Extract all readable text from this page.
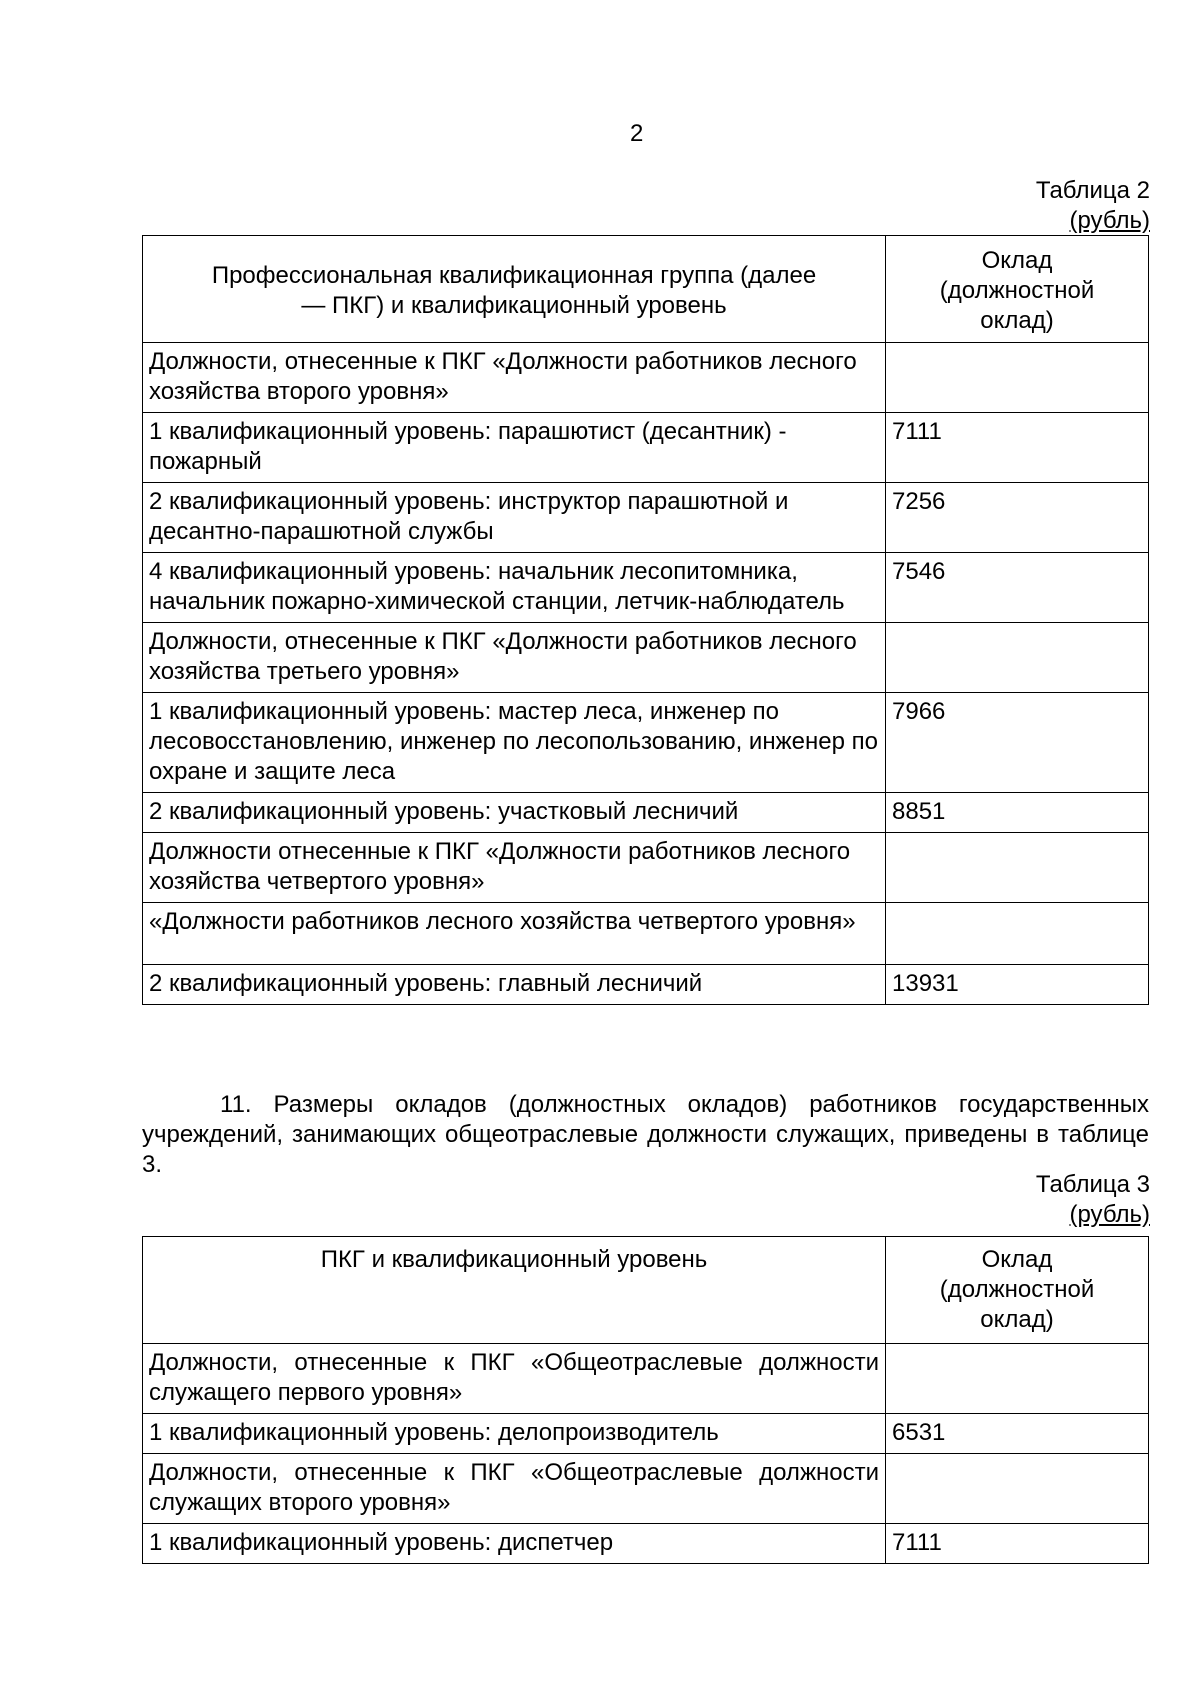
2
Таблица 2
(рубль)
Профессиональная квалификационная группа (далее — ПКГ) и квалификационный уровень	Оклад (должностной оклад)
Должности, отнесенные к ПКГ «Должности работников лесного хозяйства второго уровня»	
1 квалификационный уровень: парашютист (десантник) - пожарный	7111
2 квалификационный уровень: инструктор парашютной и десантно-парашютной службы	7256
4 квалификационный уровень: начальник лесопитомника, начальник пожарно-химической станции, летчик-наблюдатель	7546
Должности, отнесенные к ПКГ «Должности работников лесного хозяйства третьего уровня»	
1 квалификационный уровень: мастер леса, инженер по лесовосстановлению, инженер по лесопользованию, инженер по охране и защите леса	7966
2 квалификационный уровень: участковый лесничий	8851
Должности отнесенные к ПКГ «Должности работников лесного хозяйства четвертого уровня»	
«Должности работников лесного хозяйства четвертого уровня»	
2 квалификационный уровень: главный лесничий	13931
11. Размеры окладов (должностных окладов) работников государственных учреждений, занимающих общеотраслевые должности служащих, приведены в таблице 3.
Таблица 3
(рубль)
ПКГ и квалификационный уровень	Оклад (должностной оклад)
Должности, отнесенные к ПКГ «Общеотраслевые должности служащего первого уровня»	
1 квалификационный уровень: делопроизводитель	6531
Должности, отнесенные к ПКГ «Общеотраслевые должности служащих второго уровня»	
1 квалификационный уровень: диспетчер	7111
